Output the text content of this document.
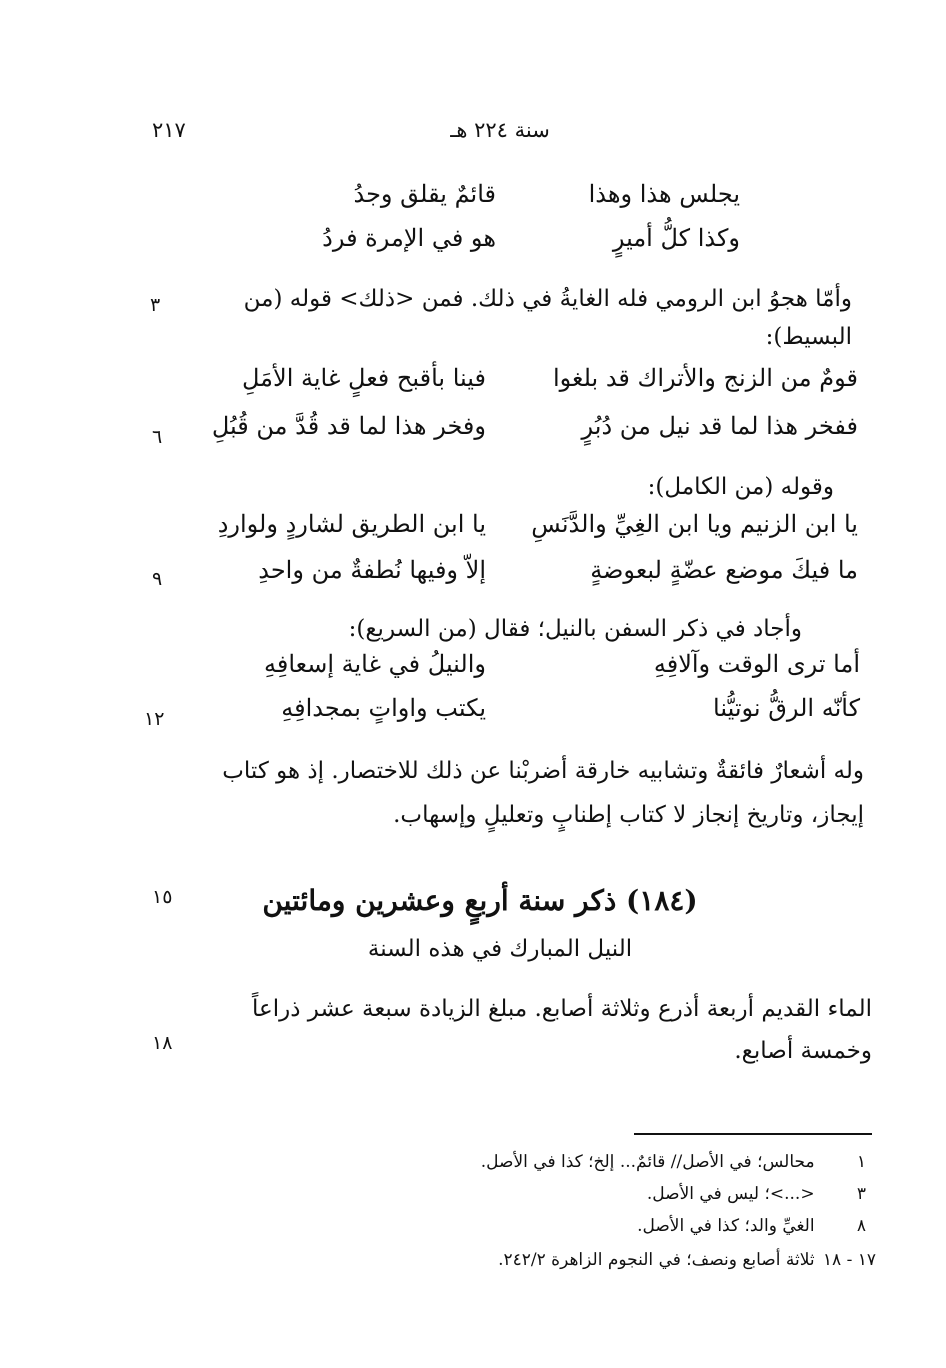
٢١٧	سنة ٢٢٤ هـ
يجلس هذا وهذا
قائمٌ يقلق وجدُ
وكذا كلُّ أميرٍ
هو في الإمرة فردُ
وأمّا هجوُ ابن الرومي فله الغايةُ في ذلك. فمن <ذلك> قوله (من
البسيط):
٣
قومٌ من الزنج والأتراك قد بلغوا
فينا بأقبح فعلٍ غاية الأمَلِ
ففخر هذا لما قد نيل من دُبُرٍ
وفخر هذا لما قد قُدَّ من قُبُلِ
٦
وقوله (من الكامل):
يا ابن الزنيم ويا ابن الغِيِّ والدَّنَسِ
يا ابن الطريق لشاردٍ ولواردِ
ما فيكَ موضع عضّةٍ لبعوضةٍ
إلاّ وفيها نُطفةٌ من واحدِ
٩
وأجاد في ذكر السفن بالنيل؛ فقال (من السريع):
أما ترى الوقت وآلافِهِ
والنيلُ في غاية إسعافِهِ
كأنّه الرقُّ نوتيُّنا
يكتب واواتٍ بمجدافِهِ
١٢
وله أشعارٌ فائقةٌ وتشابيه خارقة أضربْنا عن ذلك للاختصار. إذ هو كتاب
إيجاز، وتاريخ إنجاز لا كتاب إطنابٍ وتعليلٍ وإسهاب.
(١٨٤) ذكر سنة أربعٍ وعشرين ومائتين
١٥
النيل المبارك في هذه السنة
الماء القديم أربعة أذرع وثلاثة أصابع. مبلغ الزيادة سبعة عشر ذراعاً
وخمسة أصابع.
١٨
١ محالس؛ في الأصل// قائمٌ... إلخ؛ كذا في الأصل.
٣ <...>؛ ليس في الأصل.
٨ الغيِّ والد؛ كذا في الأصل.
١٧ - ١٨ ثلاثة أصابع ونصف؛ في النجوم الزاهرة ٢٤٢/٢.
